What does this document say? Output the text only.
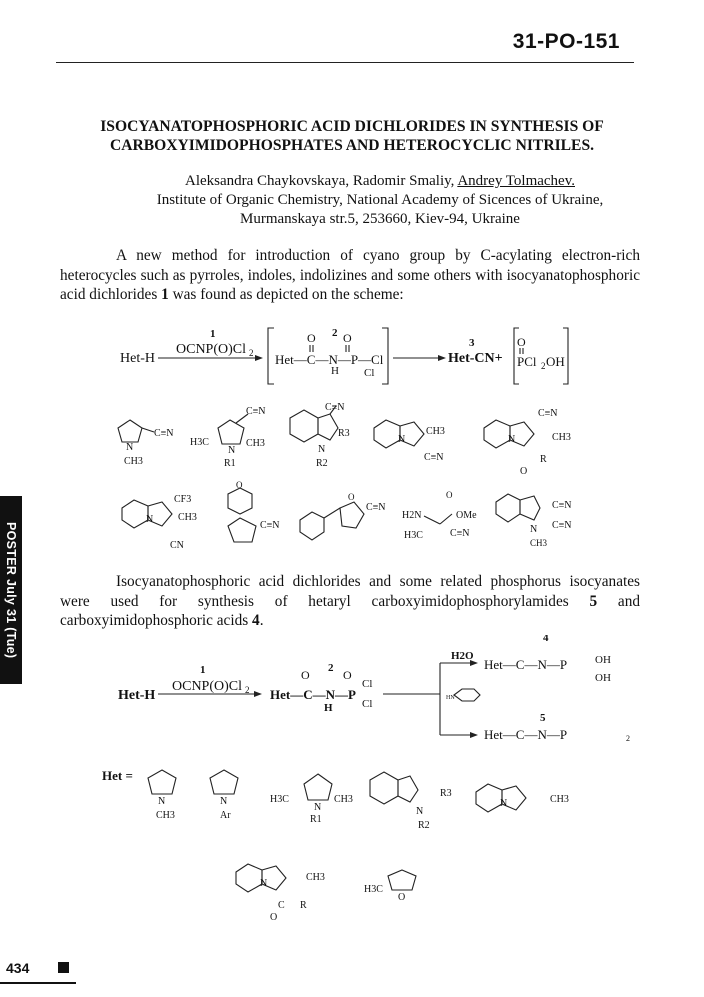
31-PO-151
ISOCYANATOPHOSPHORIC ACID DICHLORIDES IN SYNTHESIS OF
CARBOXYIMIDOPHOSPHATES AND HETEROCYCLIC NITRILES.
Aleksandra Chaykovskaya, Radomir Smaliy, Andrey Tolmachev.
Institute of Organic Chemistry, National Academy of Sicences of Ukraine,
Murmanskaya str.5, 253660, Kiev-94, Ukraine
A new method for introduction of cyano group by C-acylating electron-rich heterocycles such as pyrroles, indoles, indolizines and some others with isocyanatophosphoric acid dichlorides 1 was found as depicted on the scheme:
Het-H
1
OCNP(O)Cl 2
2
O O
Het—C—N—P—Cl
H Cl
3
Het-CN+
O
PCl 2 OH
C≡N
N
CH3
C≡N
H3C	CH3
N
R1
C≡N
R3
N
R2
N
CH3
C≡N
C≡N
N	CH3
R
O
CF3
N CH3
CN
O
C≡N
O
C≡N
H2N
O
OMe
H3C	C≡N
C≡N
C≡N
N
CH3
Isocyanatophosphoric acid dichlorides and some related phosphorus isocyanates were used for synthesis of hetaryl carboxyimidophosphorylamides 5 and carboxyimidophosphoric acids 4.
Het-H
1
OCNP(O)Cl 2
2
O	O
Het—C—N—P
H
Cl
Cl
H2O
HN
4
Het—C—N—P	OH
OH
5
Het—C—N—P	2
Het =
N
CH3
N
Ar
H3C	CH3
N
R1
R3
N
R2
N	CH3
N
CH3
C R
O
H3C
O
POSTER July 31 (Tue)
434
